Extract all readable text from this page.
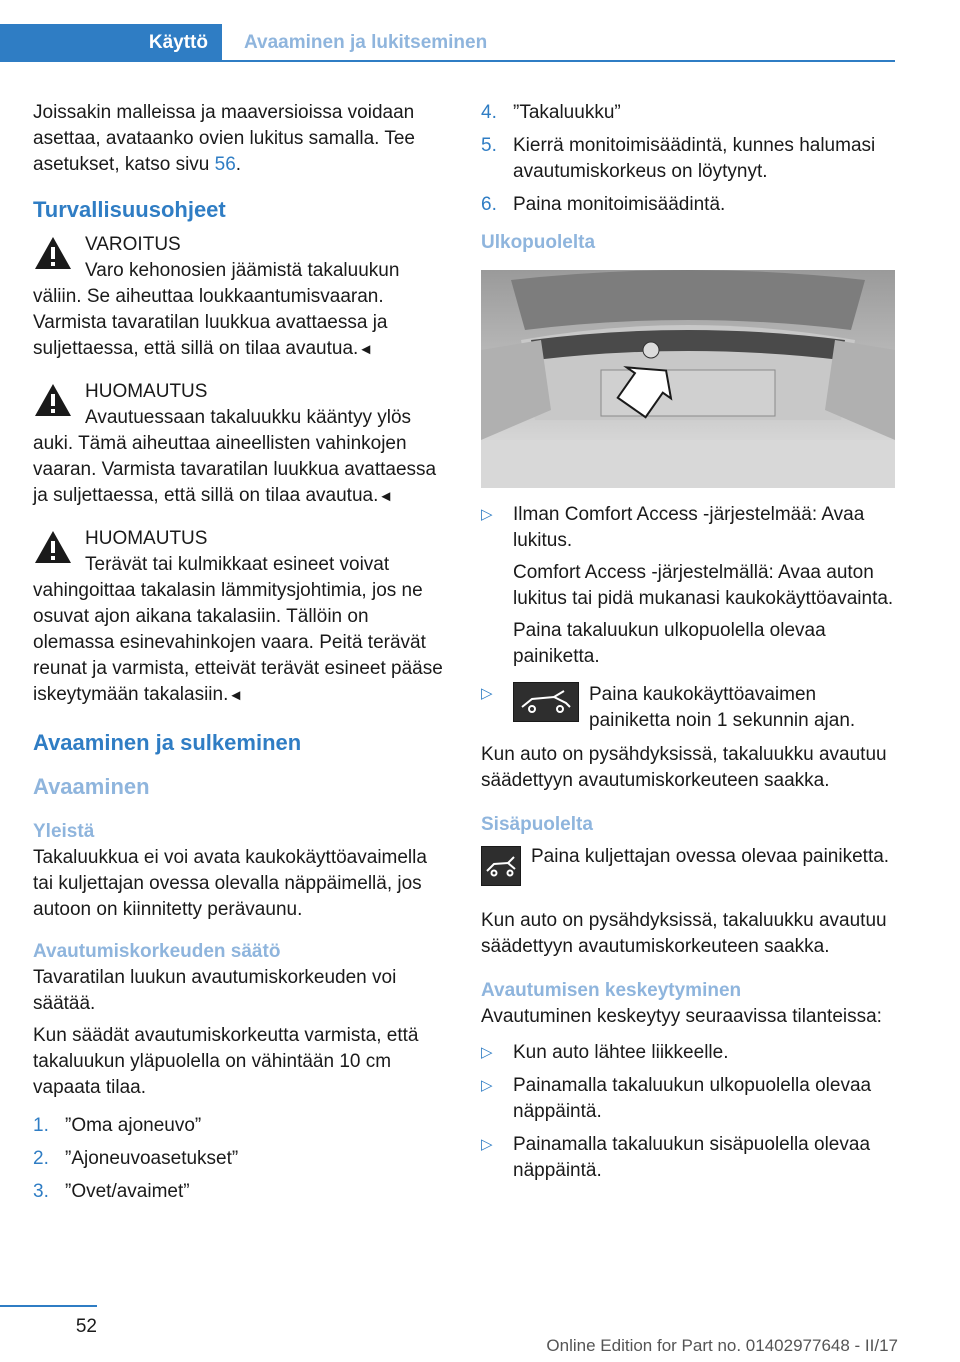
Käyttö	Avaaminen ja lukitseminen

Joissakin malleissa ja maaversioissa voidaan asettaa, avataanko ovien lukitus samalla. Tee asetukset, katso sivu 56.

Turvallisuusohjeet

VAROITUS

Varo kehonosien jäämistä takaluukun väliin. Se aiheuttaa loukkaantumisvaaran. Varmista tavaratilan luukkua avattaessa ja suljettaessa, että sillä on tilaa avautua.◄

HUOMAUTUS

Avautuessaan takaluukku kääntyy ylös auki. Tämä aiheuttaa aineellisten vahinkojen vaaran. Varmista tavaratilan luukkua avattaessa ja suljettaessa, että sillä on tilaa avautua.◄

HUOMAUTUS

Terävät tai kulmikkaat esineet voivat vahingoittaa takalasin lämmitysjohtimia, jos ne osuvat ajon aikana takalasiin. Tällöin on olemassa esinevahinkojen vaara. Peitä terävät reunat ja varmista, etteivät terävät esineet pääse iskeytymään takalasiin.◄

Avaaminen ja sulkeminen
Avaaminen
Yleistä

Takaluukkua ei voi avata kaukokäyttöavaimella tai kuljettajan ovessa olevalla näppäimellä, jos autoon on kiinnitetty perävaunu.

Avautumiskorkeuden säätö

Tavaratilan luukun avautumiskorkeuden voi säätää.

Kun säädät avautumiskorkeutta varmista, että takaluukun yläpuolella on vähintään 10 cm vapaata tilaa.

1. ”Oma ajoneuvo”
2. ”Ajoneuvoasetukset”
3. ”Ovet/avaimet”
4. ”Takaluukku”
5. Kierrä monitoimisäädintä, kunnes halumasi avautumiskorkeus on löytynyt.
6. Paina monitoimisäädintä.
Ulkopuolelta
▷ Ilman Comfort Access -järjestelmää: Avaa lukitus.

Comfort Access -järjestelmällä: Avaa auton lukitus tai pidä mukanasi kaukokäyttöavainta.

Paina takaluukun ulkopuolella olevaa painiketta.

▷	Paina kaukokäyttöavaimen painiketta noin 1 sekunnin ajan.

Kun auto on pysähdyksissä, takaluukku avautuu säädettyyn avautumiskorkeuteen saakka.

Sisäpuolelta

Paina kuljettajan ovessa olevaa painiketta.

Kun auto on pysähdyksissä, takaluukku avautuu säädettyyn avautumiskorkeuteen saakka.

Avautumisen keskeytyminen

Avautuminen keskeytyy seuraavissa tilanteissa:

▷ Kun auto lähtee liikkeelle.
▷ Painamalla takaluukun ulkopuolella olevaa näppäintä.
▷ Painamalla takaluukun sisäpuolella olevaa näppäintä.
52
Online Edition for Part no. 01402977648 - II/17
